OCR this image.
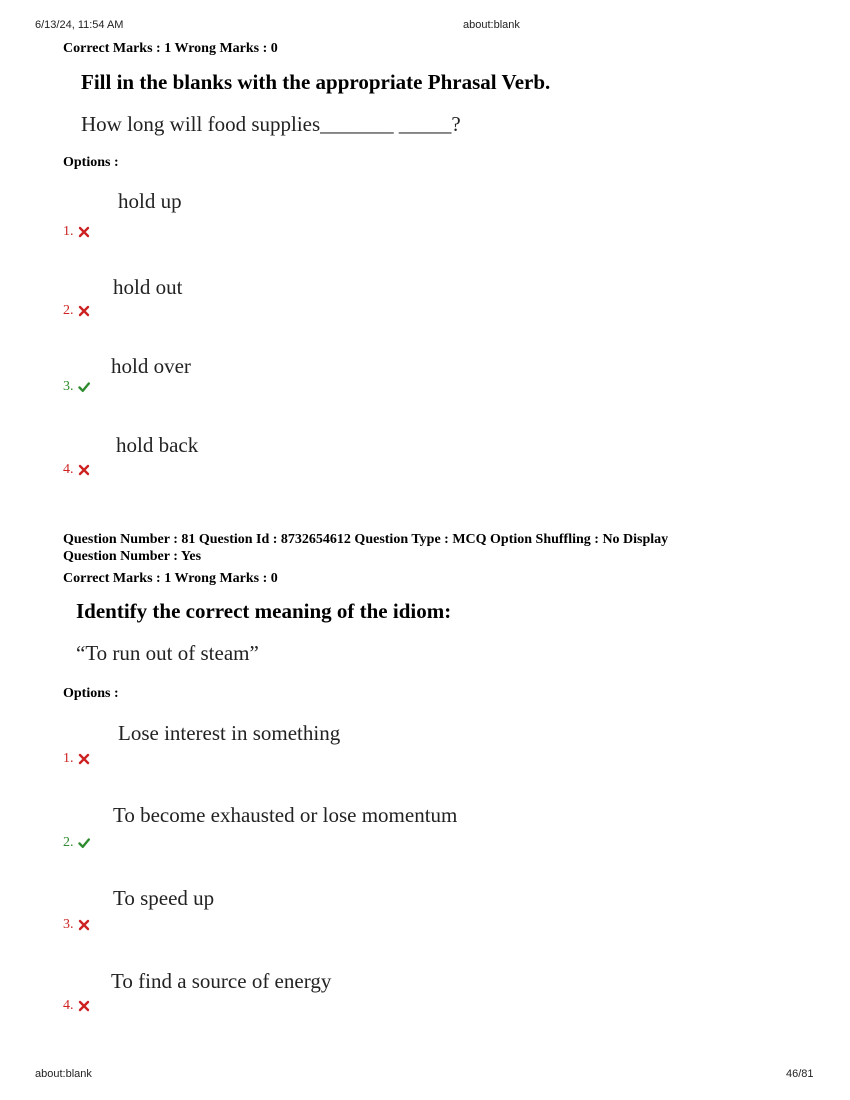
6/13/24, 11:54 AM	about:blank
Correct Marks : 1 Wrong Marks : 0
Fill in the blanks with the appropriate Phrasal Verb.
How long will food supplies_______ _____?
Options :
hold up
1.
hold out
2.
hold over
3.
hold back
4.
Question Number : 81 Question Id : 8732654612 Question Type : MCQ Option Shuffling : No Display
Question Number : Yes
Correct Marks : 1 Wrong Marks : 0
Identify the correct meaning of the idiom:
“To run out of steam”
Options :
Lose interest in something
1.
To become exhausted or lose momentum
2.
To speed up
3.
To find a source of energy
4.
about:blank	46/81
